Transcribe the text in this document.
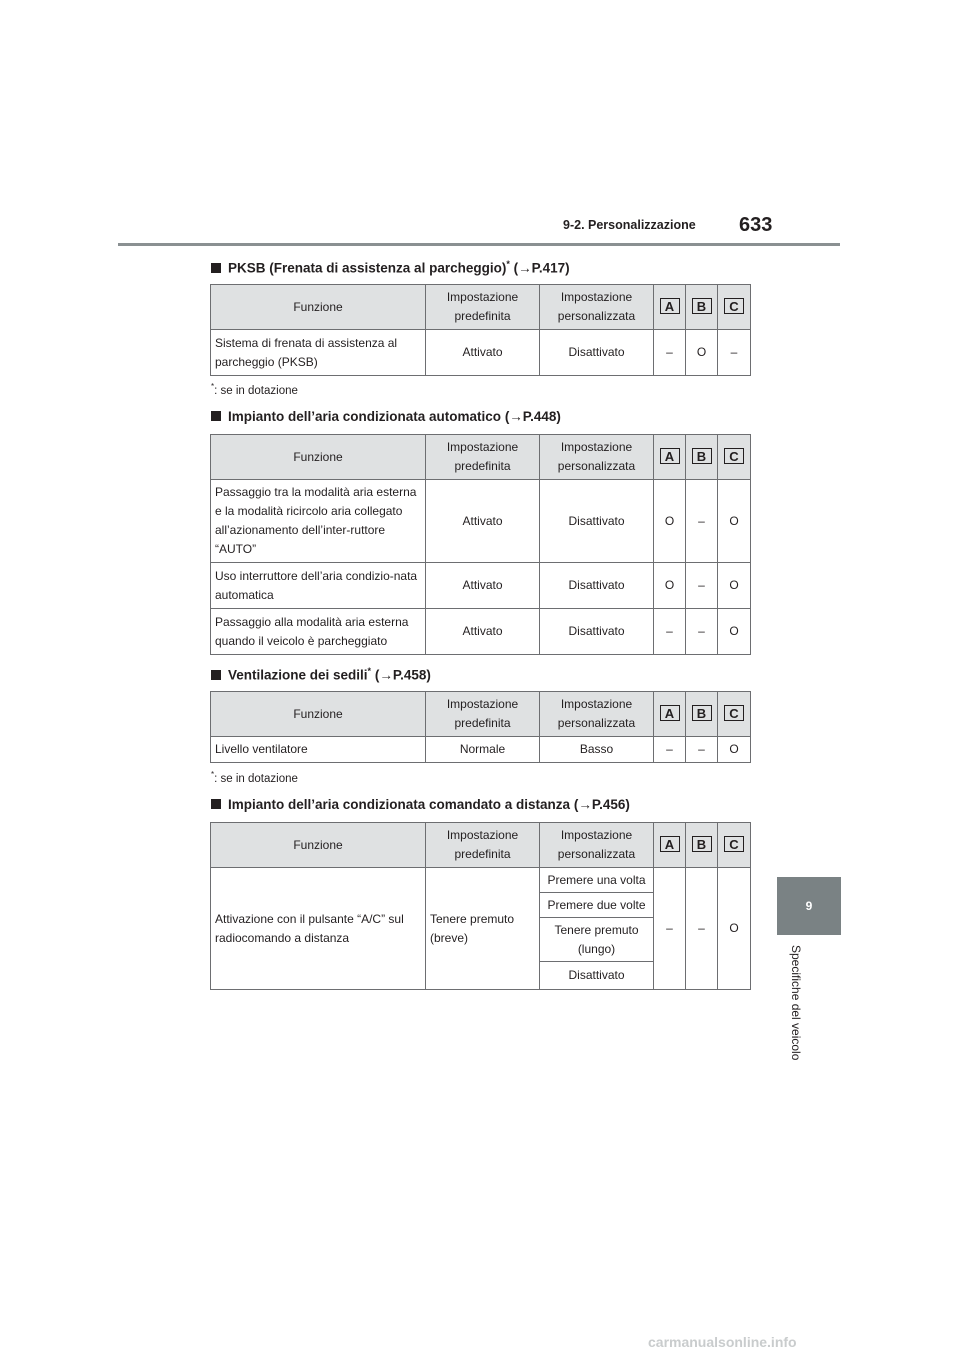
9-2. Personalizzazione 633
9
Specifiche del veicolo
PKSB (Frenata di assistenza al parcheggio)* (→P.417)
Funzione	Impostazione predefinita	Impostazione personalizzata	A	B	C
Sistema di frenata di assistenza al parcheggio (PKSB)	Attivato	Disattivato	–	O	–
*: se in dotazione
Impianto dell’aria condizionata automatico (→P.448)
Funzione	Impostazione predefinita	Impostazione personalizzata	A	B	C
Passaggio tra la modalità aria esterna e la modalità ricircolo aria collegato all’azionamento dell’inter-ruttore “AUTO”	Attivato	Disattivato	O	–	O
Uso interruttore dell’aria condizio-nata automatica	Attivato	Disattivato	O	–	O
Passaggio alla modalità aria esterna quando il veicolo è parcheggiato	Attivato	Disattivato	–	–	O
Ventilazione dei sedili* (→P.458)
Funzione	Impostazione predefinita	Impostazione personalizzata	A	B	C
Livello ventilatore	Normale	Basso	–	–	O
*: se in dotazione
Impianto dell’aria condizionata comandato a distanza (→P.456)
Funzione	Impostazione predefinita	Impostazione personalizzata	A	B	C
Attivazione con il pulsante “A/C” sul radiocomando a distanza	Tenere premuto (breve)	Premere una volta	–	–	O
		Premere due volte			
		Tenere premuto (lungo)			
		Disattivato			
carmanualsonline.info
